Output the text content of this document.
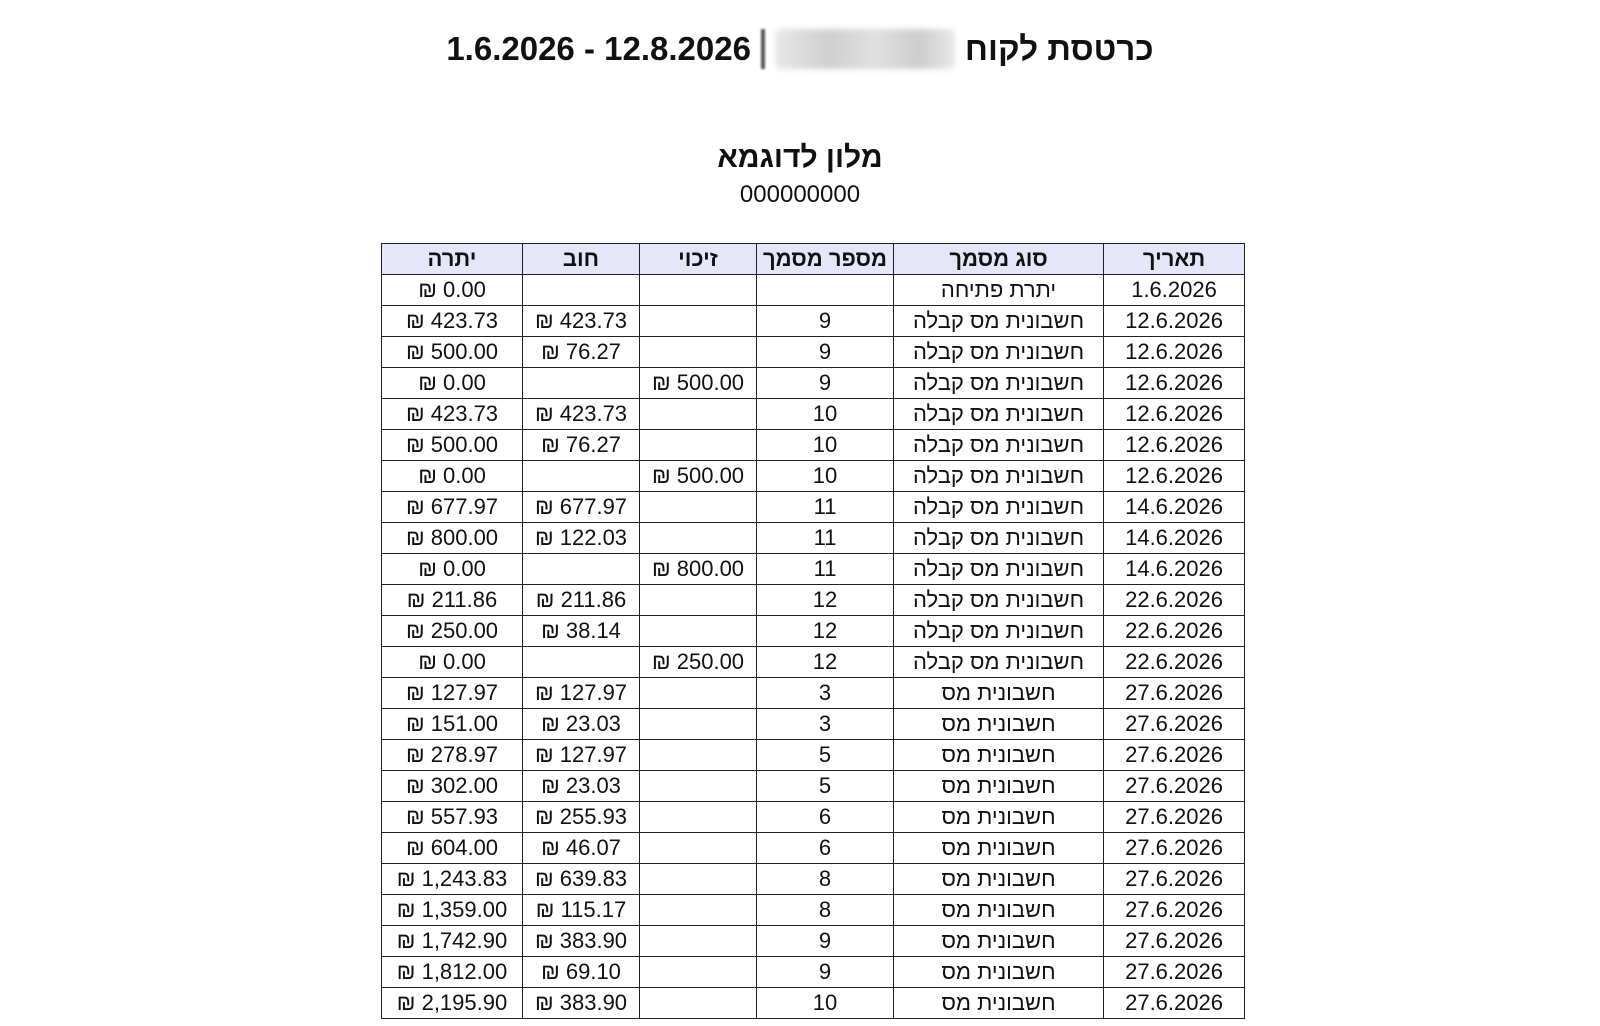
כרטסת לקוח
1.6.2026 - 12.8.2026
מלון לדוגמא
000000000
תאריך	סוג מסמך	מספר מסמך	זיכוי	חוב	יתרה
1.6.2026	יתרת פתיחה				0.00 ₪
12.6.2026	חשבונית מס קבלה	9		423.73 ₪	423.73 ₪
12.6.2026	חשבונית מס קבלה	9		76.27 ₪	500.00 ₪
12.6.2026	חשבונית מס קבלה	9	500.00 ₪		0.00 ₪
12.6.2026	חשבונית מס קבלה	10		423.73 ₪	423.73 ₪
12.6.2026	חשבונית מס קבלה	10		76.27 ₪	500.00 ₪
12.6.2026	חשבונית מס קבלה	10	500.00 ₪		0.00 ₪
14.6.2026	חשבונית מס קבלה	11		677.97 ₪	677.97 ₪
14.6.2026	חשבונית מס קבלה	11		122.03 ₪	800.00 ₪
14.6.2026	חשבונית מס קבלה	11	800.00 ₪		0.00 ₪
22.6.2026	חשבונית מס קבלה	12		211.86 ₪	211.86 ₪
22.6.2026	חשבונית מס קבלה	12		38.14 ₪	250.00 ₪
22.6.2026	חשבונית מס קבלה	12	250.00 ₪		0.00 ₪
27.6.2026	חשבונית מס	3		127.97 ₪	127.97 ₪
27.6.2026	חשבונית מס	3		23.03 ₪	151.00 ₪
27.6.2026	חשבונית מס	5		127.97 ₪	278.97 ₪
27.6.2026	חשבונית מס	5		23.03 ₪	302.00 ₪
27.6.2026	חשבונית מס	6		255.93 ₪	557.93 ₪
27.6.2026	חשבונית מס	6		46.07 ₪	604.00 ₪
27.6.2026	חשבונית מס	8		639.83 ₪	1,243.83 ₪
27.6.2026	חשבונית מס	8		115.17 ₪	1,359.00 ₪
27.6.2026	חשבונית מס	9		383.90 ₪	1,742.90 ₪
27.6.2026	חשבונית מס	9		69.10 ₪	1,812.00 ₪
27.6.2026	חשבונית מס	10		383.90 ₪	2,195.90 ₪
